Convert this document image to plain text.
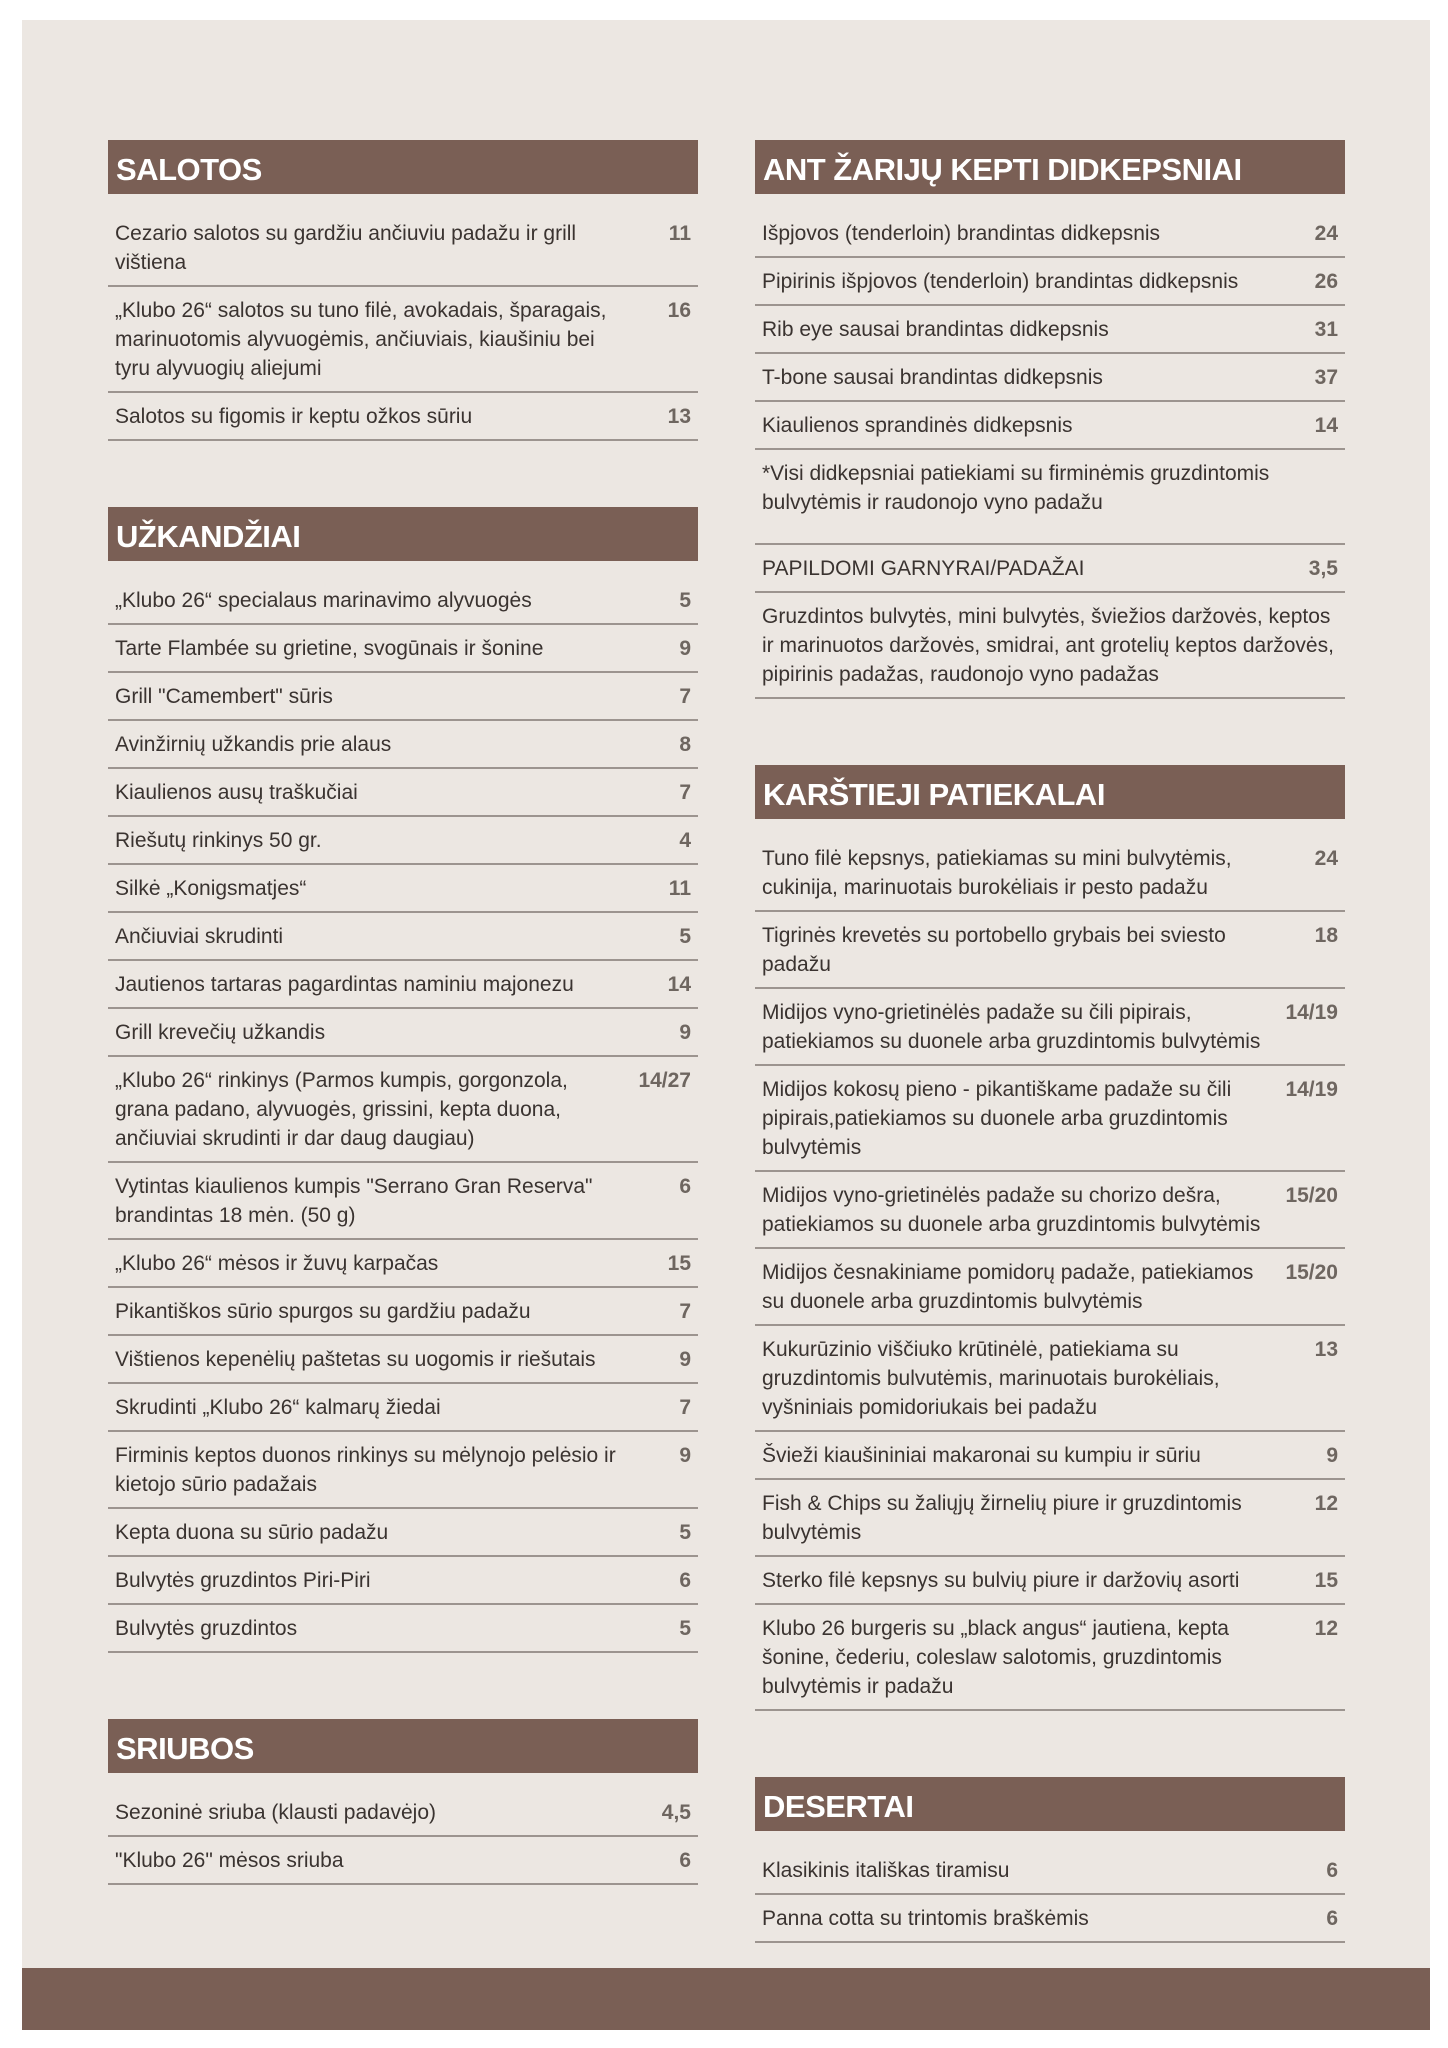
SALOTOS
Cezario salotos su gardžiu ančiuviu padažu ir grill vištiena
11
„Klubo 26“ salotos su tuno filė, avokadais, šparagais, marinuotomis alyvuogėmis, ančiuviais, kiaušiniu bei tyru alyvuogių aliejumi
16
Salotos su figomis ir keptu ožkos sūriu	13
UŽKANDŽIAI
„Klubo 26“ specialaus marinavimo alyvuogės	5
Tarte Flambée su grietine, svogūnais ir šonine	9
Grill "Camembert" sūris	7
Avinžirnių užkandis prie alaus	8
Kiaulienos ausų traškučiai	7
Riešutų rinkinys 50 gr.	4
Silkė „Konigsmatjes“	11
Ančiuviai skrudinti	5
Jautienos tartaras pagardintas naminiu majonezu	14
Grill krevečių užkandis	9
„Klubo 26“ rinkinys (Parmos kumpis, gorgonzola, grana padano, alyvuogės, grissini, kepta duona, ančiuviai skrudinti ir dar daug daugiau)
14/27
Vytintas kiaulienos kumpis "Serrano Gran Reserva" brandintas 18 mėn. (50 g)
6
„Klubo 26“ mėsos ir žuvų karpačas	15
Pikantiškos sūrio spurgos su gardžiu padažu	7
Vištienos kepenėlių paštetas su uogomis ir riešutais	9
Skrudinti „Klubo 26“ kalmarų žiedai	7
Firminis keptos duonos rinkinys su mėlynojo pelėsio ir kietojo sūrio padažais
9
Kepta duona su sūrio padažu	5
Bulvytės gruzdintos Piri-Piri	6
Bulvytės gruzdintos	5
SRIUBOS
Sezoninė sriuba (klausti padavėjo)	4,5
"Klubo 26" mėsos sriuba	6
ANT ŽARIJŲ KEPTI DIDKEPSNIAI
Išpjovos (tenderloin) brandintas didkepsnis	24
Pipirinis išpjovos (tenderloin) brandintas didkepsnis	26
Rib eye sausai brandintas didkepsnis	31
T-bone sausai brandintas didkepsnis	37
Kiaulienos sprandinės didkepsnis	14
*Visi didkepsniai patiekiami su firminėmis gruzdintomis bulvytėmis ir raudonojo vyno padažu
PAPILDOMI GARNYRAI/PADAŽAI	3,5
Gruzdintos bulvytės, mini bulvytės, šviežios daržovės, keptos ir marinuotos daržovės, smidrai, ant grotelių keptos daržovės, pipirinis padažas, raudonojo vyno padažas
KARŠTIEJI PATIEKALAI
Tuno filė kepsnys, patiekiamas su mini bulvytėmis, cukinija, marinuotais burokėliais ir pesto padažu
24
Tigrinės krevetės su portobello grybais bei sviesto padažu
18
Midijos vyno-grietinėlės padaže su čili pipirais, patiekiamos su duonele arba gruzdintomis bulvytėmis
14/19
Midijos kokosų pieno - pikantiškame padaže su čili pipirais,patiekiamos su duonele arba gruzdintomis bulvytėmis
14/19
Midijos vyno-grietinėlės padaže su chorizo dešra, patiekiamos su duonele arba gruzdintomis bulvytėmis
15/20
Midijos česnakiniame pomidorų padaže, patiekiamos su duonele arba gruzdintomis bulvytėmis
15/20
Kukurūzinio viščiuko krūtinėlė, patiekiama su gruzdintomis bulvutėmis, marinuotais burokėliais, vyšniniais pomidoriukais bei padažu
13
Švieži kiaušininiai makaronai su kumpiu ir sūriu	9
Fish & Chips su žaliųjų žirnelių piure ir gruzdintomis bulvytėmis
12
Sterko filė kepsnys su bulvių piure ir daržovių asorti	15
Klubo 26 burgeris su „black angus“ jautiena, kepta šonine, čederiu, coleslaw salotomis, gruzdintomis bulvytėmis ir padažu
12
DESERTAI
Klasikinis itališkas tiramisu	6
Panna cotta su trintomis braškėmis	6
